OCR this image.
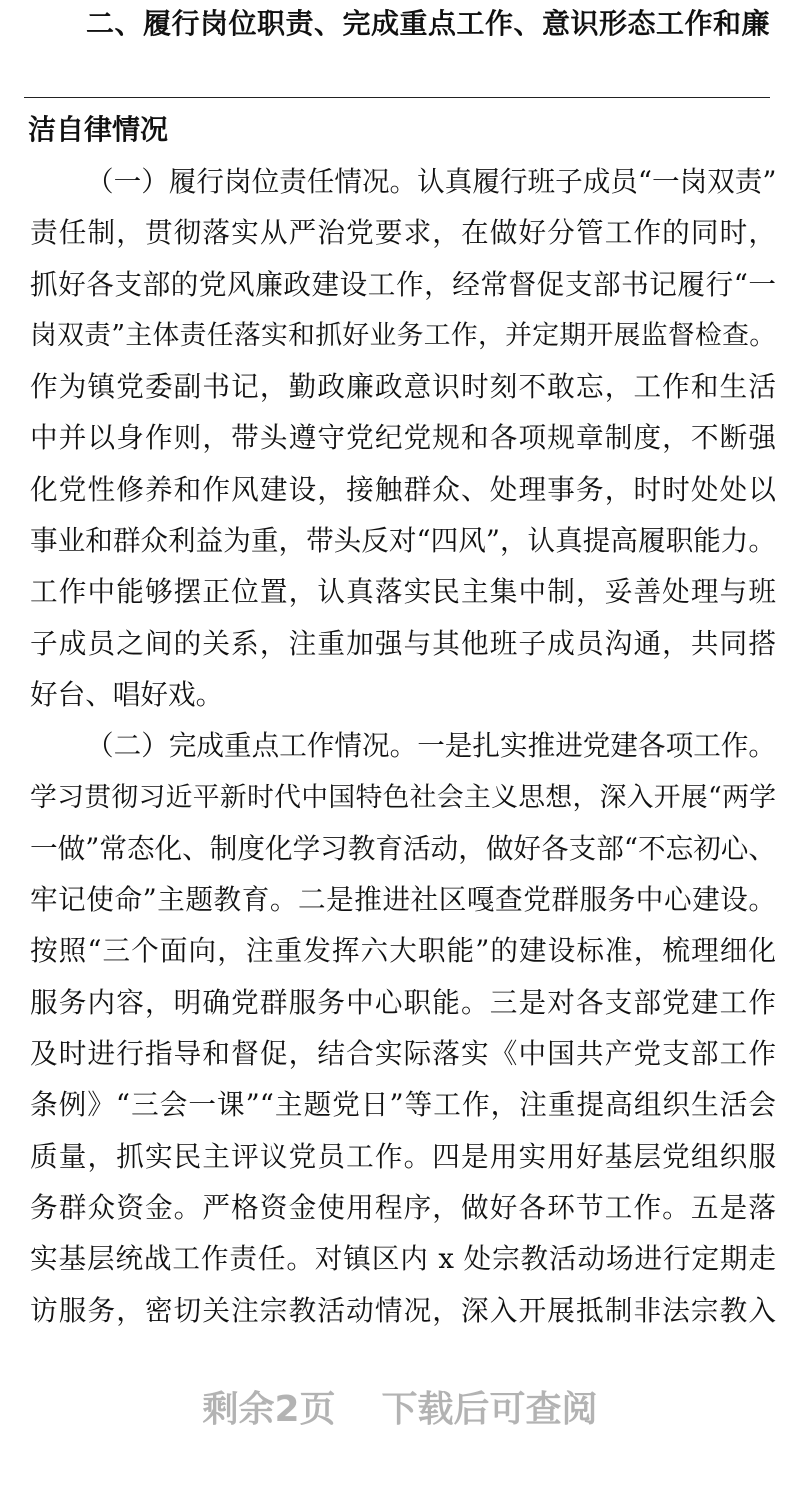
二、履行岗位职责、完成重点工作、意识形态工作和廉
洁自律情况
（一）履行岗位责任情况。认真履行班子成员“一岗双责”
责任制，贯彻落实从严治党要求，在做好分管工作的同时，
抓好各支部的党风廉政建设工作，经常督促支部书记履行“一
岗双责”主体责任落实和抓好业务工作，并定期开展监督检查。
作为镇党委副书记，勤政廉政意识时刻不敢忘，工作和生活
中并以身作则，带头遵守党纪党规和各项规章制度，不断强
化党性修养和作风建设，接触群众、处理事务，时时处处以
事业和群众利益为重，带头反对“四风”，认真提高履职能力。
工作中能够摆正位置，认真落实民主集中制，妥善处理与班
子成员之间的关系，注重加强与其他班子成员沟通，共同搭
好台、唱好戏。
（二）完成重点工作情况。一是扎实推进党建各项工作。
学习贯彻习近平新时代中国特色社会主义思想，深入开展“两学
一做”常态化、制度化学习教育活动，做好各支部“不忘初心、
牢记使命”主题教育。二是推进社区嘎查党群服务中心建设。
按照“三个面向，注重发挥六大职能”的建设标准，梳理细化
服务内容，明确党群服务中心职能。三是对各支部党建工作
及时进行指导和督促，结合实际落实《中国共产党支部工作
条例》“三会一课”“主题党日”等工作，注重提高组织生活会
质量，抓实民主评议党员工作。四是用实用好基层党组织服
务群众资金。严格资金使用程序，做好各环节工作。五是落
实基层统战工作责任。对镇区内 x 处宗教活动场进行定期走
访服务，密切关注宗教活动情况，深入开展抵制非法宗教入
剩余2页 下载后可查阅
